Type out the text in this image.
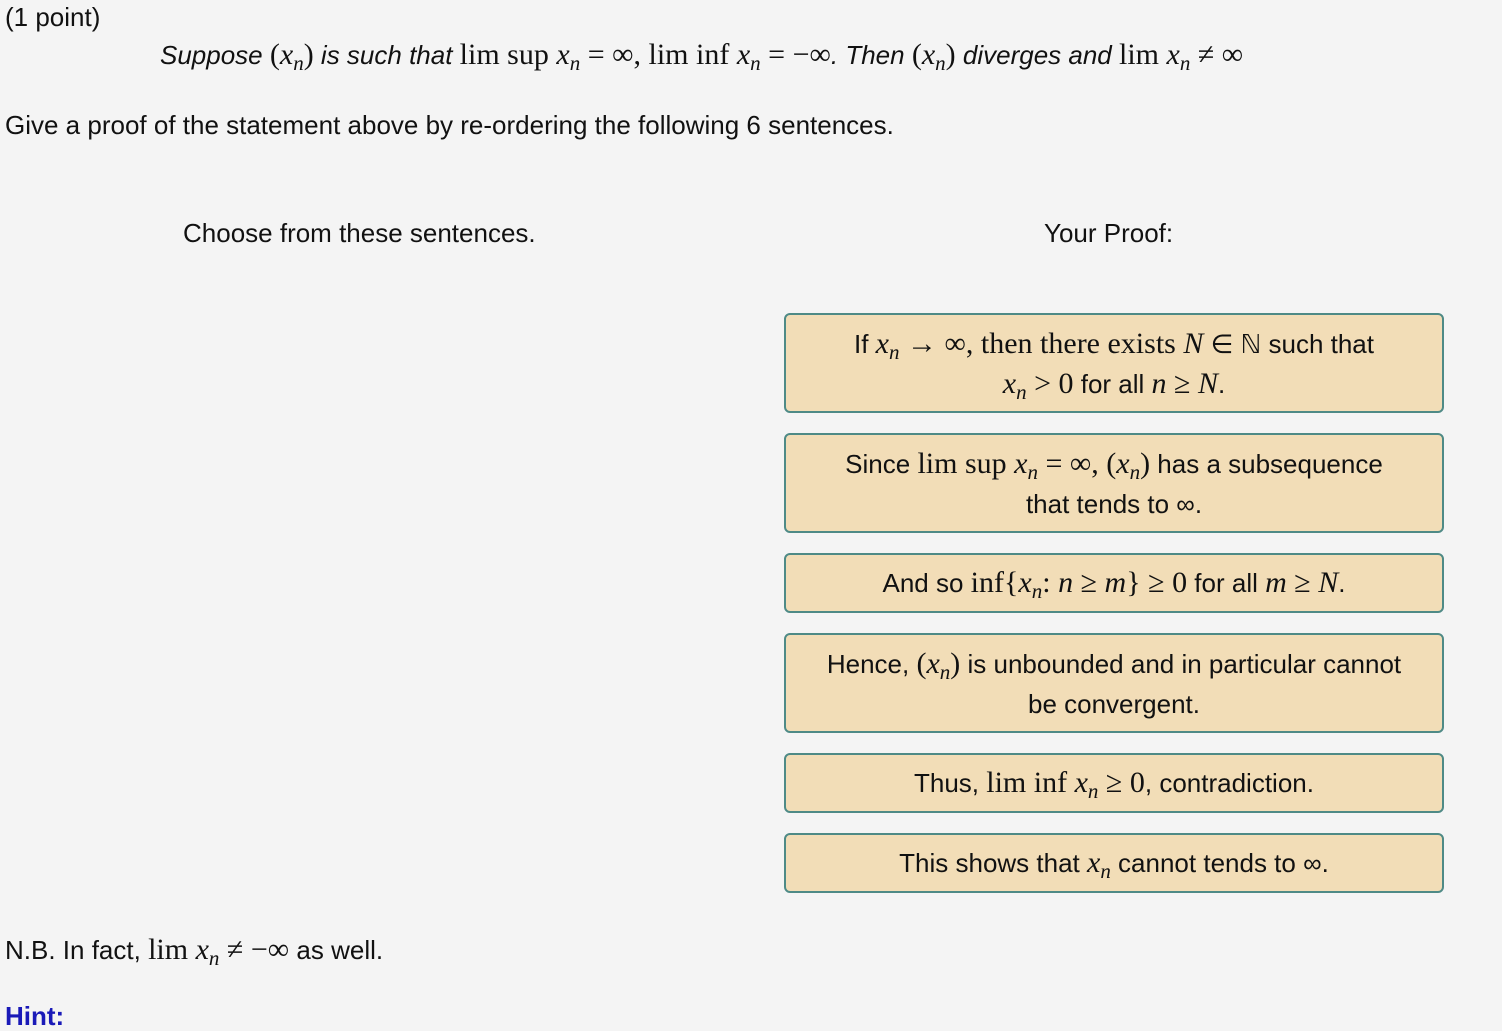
(1 point)
Suppose $(x_n)$ is such that lim sup $x_n$ = ∞, lim inf $x_n$ = −∞. Then $(x_n)$ diverges and $\lim x_n$ ≠ ∞
Give a proof of the statement above by re-ordering the following 6 sentences.
Choose from these sentences.	Your Proof:
If $x_n$ → ∞, then there exists N ∈ ℕ such that
$x_n > 0$ for all n ≥ N.
Since lim sup $x_n$ = ∞, $(x_n)$ has a subsequence
that tends to ∞.
And so $inf\{x_n$: n ≥ m} ≥ 0 for all m ≥ N.
Hence, $(x_n)$ is unbounded and in particular cannot
be convergent.
Thus, lim inf $x_n \ge 0$, contradiction.
This shows that $x_n$ cannot tends to ∞.
N.B. In fact, $\lim x_n$ ≠ −∞ as well.
Hint:
